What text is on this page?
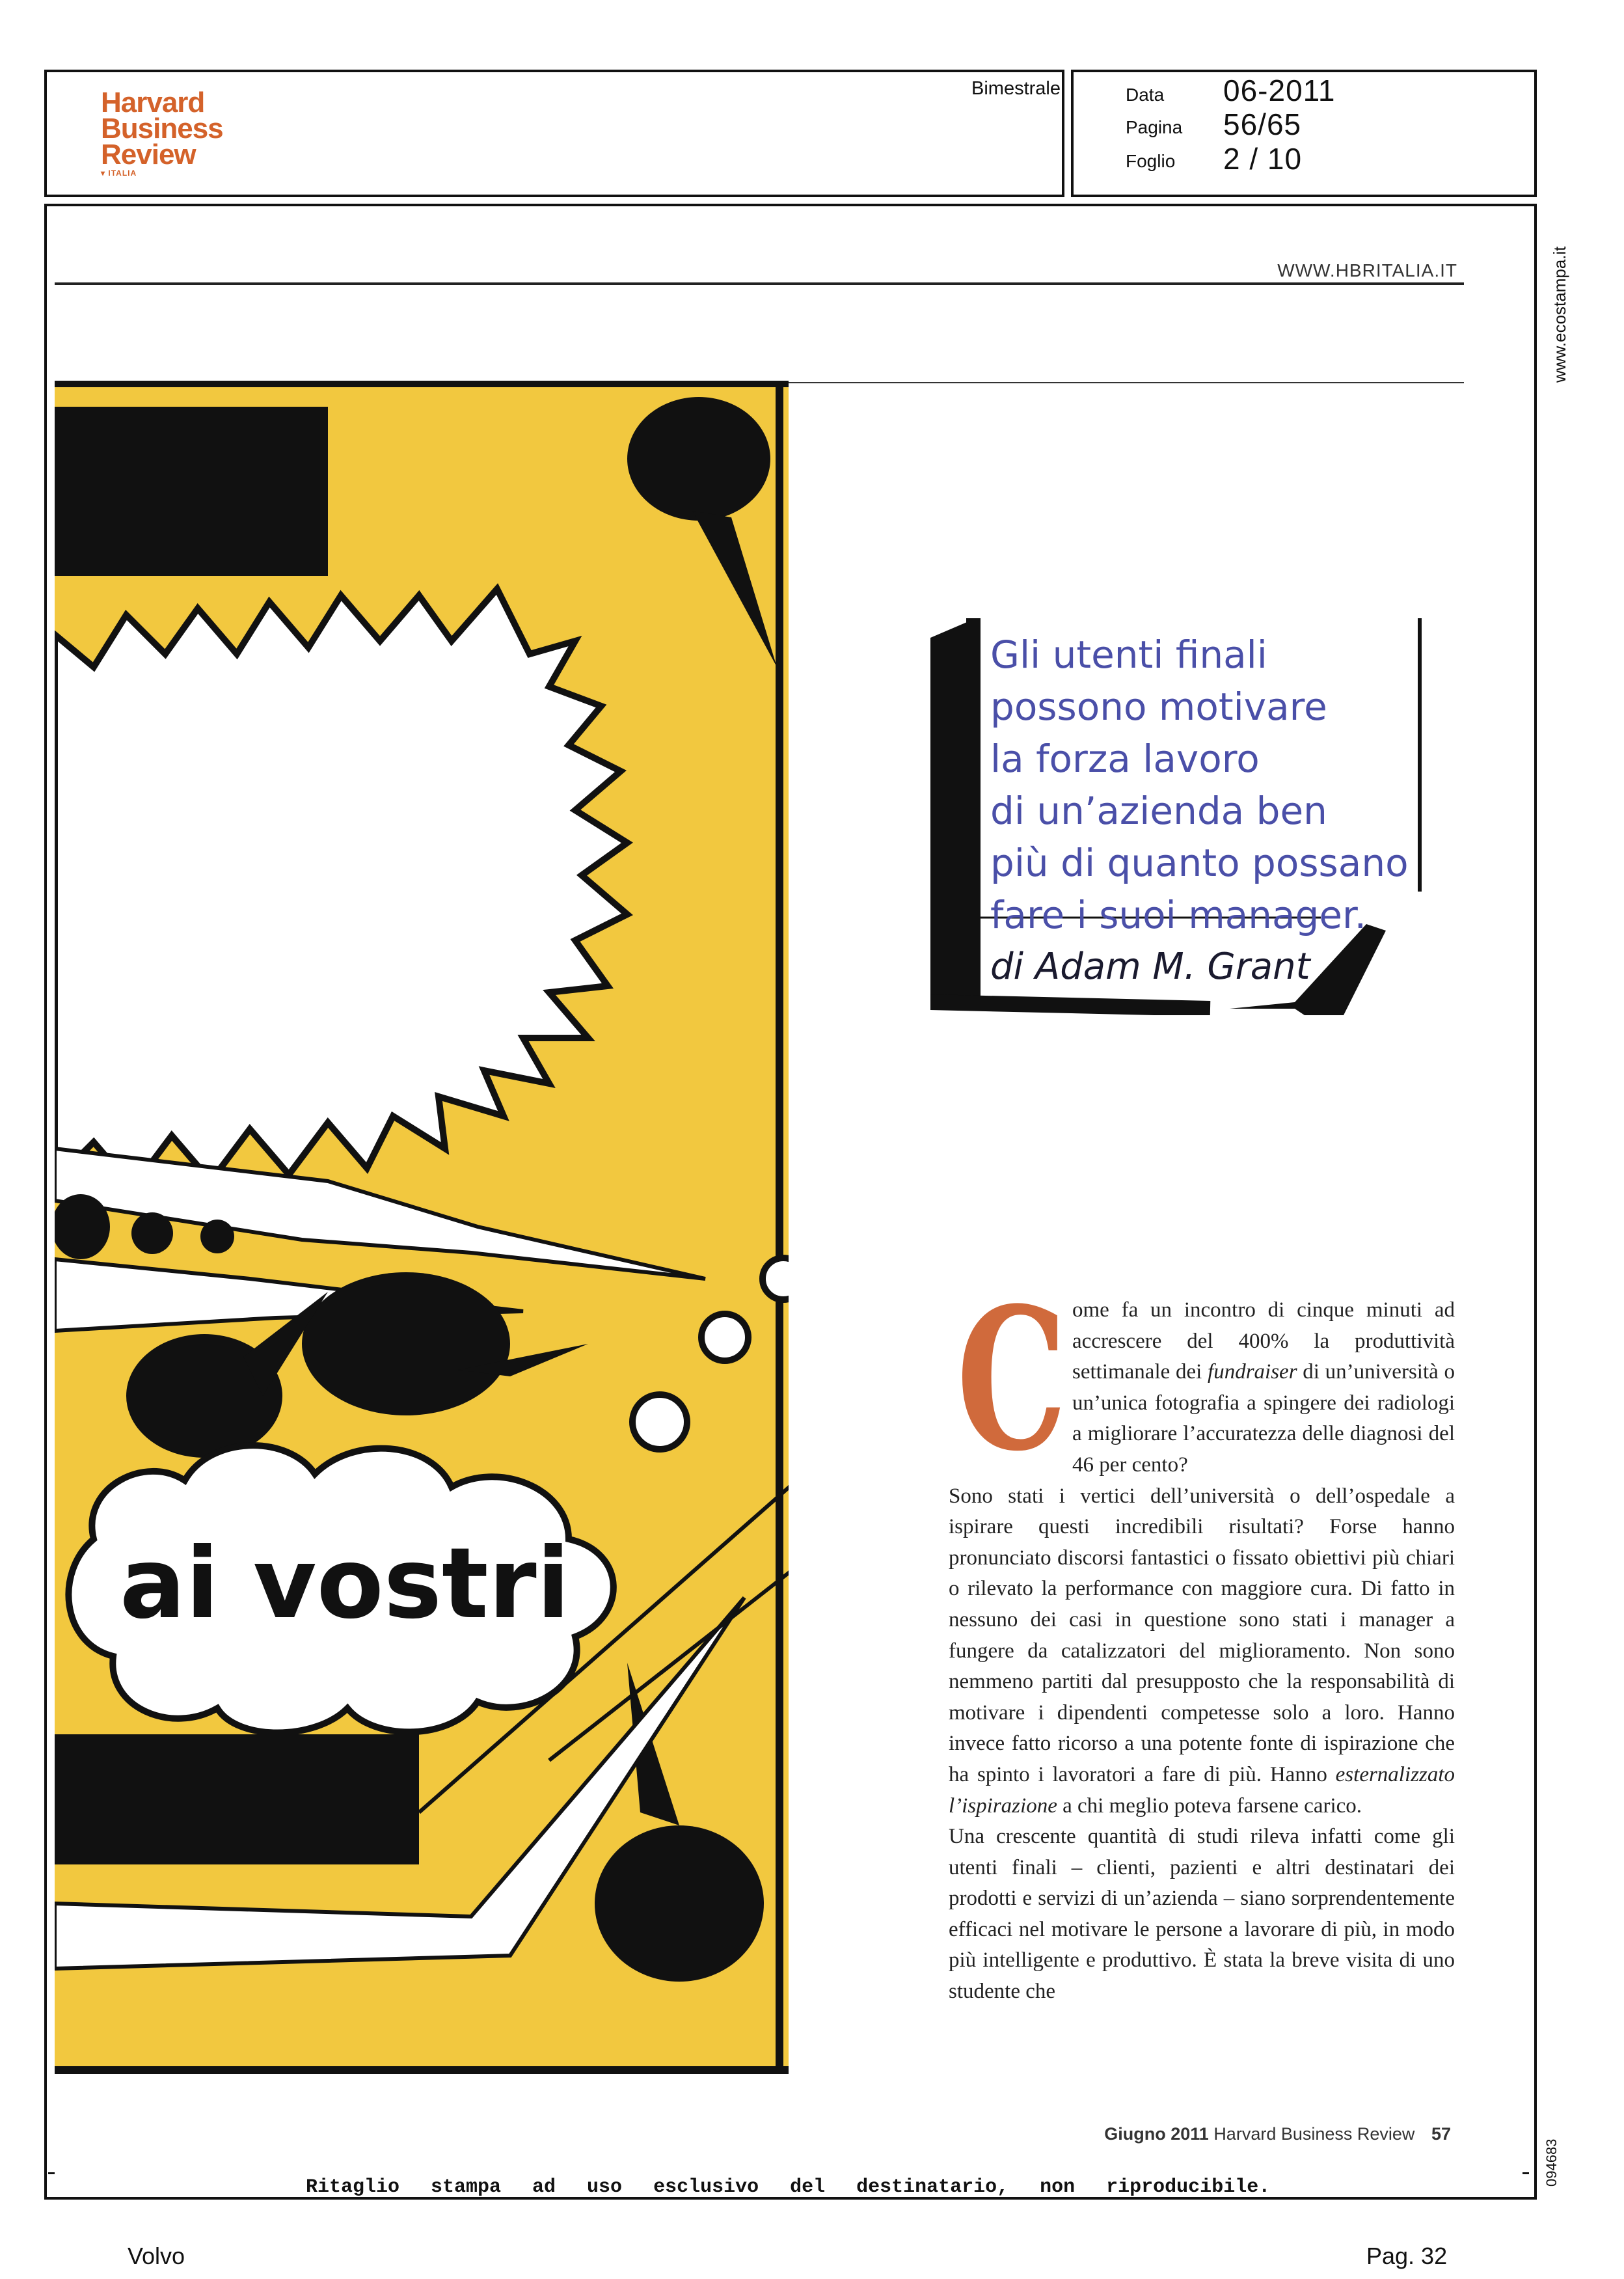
Harvard
Business
Review
▾ ITALIA
Bimestrale	Data 06-2011
Pagina 56/65
Foglio 2 / 10
www.ecostampa.it
094683
WWW.HBRITALIA.IT
ai vostri
Gli utenti finali
possono motivare
la forza lavoro
di un’azienda ben
più di quanto possano
fare i suoi manager.
di Adam M. Grant
C ome fa un incontro di cinque minuti ad accrescere del 400% la produttività settimanale dei fundraiser di un’università o un’unica fotografia a spingere dei radiologi a migliorare l’accuratezza delle diagnosi del 46 per cento?

Sono stati i vertici dell’università o dell’ospedale a ispirare questi incredibili risultati? Forse hanno pronunciato discorsi fantastici o fissato obiettivi più chiari o rilevato la performance con maggiore cura. Di fatto in nessuno dei casi in questione sono stati i manager a fungere da catalizzatori del miglioramento. Non sono nemmeno partiti dal presupposto che la responsabilità di motivare i dipendenti competesse solo a loro. Hanno invece fatto ricorso a una potente fonte di ispirazione che ha spinto i lavoratori a fare di più. Hanno esternalizzato l’ispirazione a chi meglio poteva farsene carico.

Una crescente quantità di studi rileva infatti come gli utenti finali – clienti, pazienti e altri destinatari dei prodotti e servizi di un’azienda – siano sorprendentemente efficaci nel motivare le persone a lavorare di più, in modo più intelligente e produttivo. È stata la breve visita di uno studente che

Giugno 2011 Harvard Business Review 57
Ritaglio stampa ad uso esclusivo del destinatario, non riproducibile.
Volvo	Pag. 32
